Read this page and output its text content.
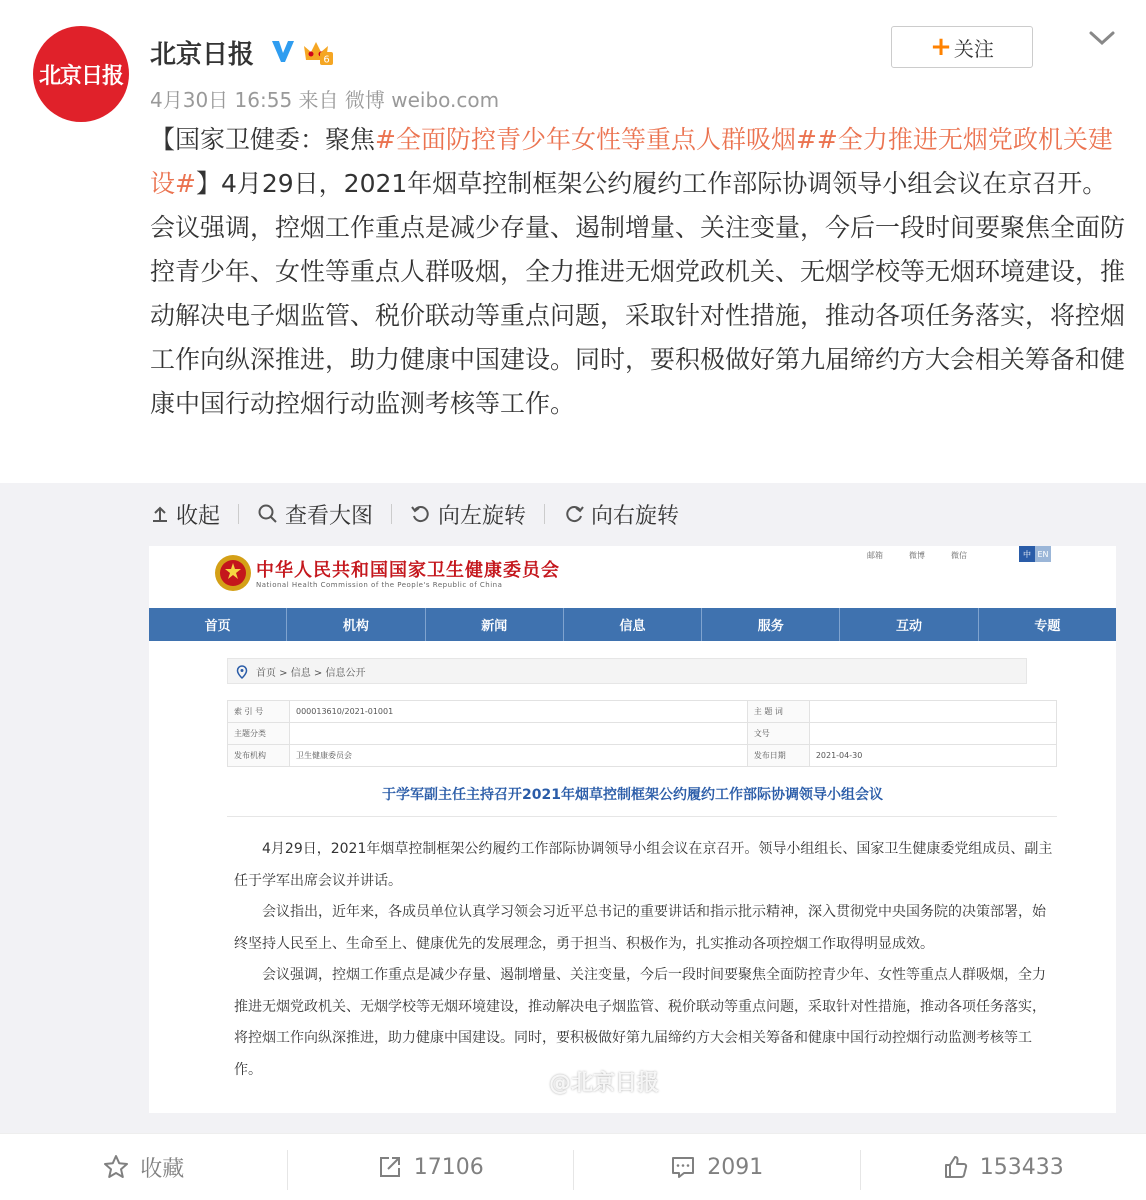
北京日报
北京日报	6
4月30日 16:55 来自 微博 weibo.com
+ 关注

【国家卫健委：聚焦#全面防控青少年女性等重点人群吸烟##全力推进无烟党政机关建设#】4月29日，2021年烟草控制框架公约履约工作部际协调领导小组会议在京召开。

会议强调，控烟工作重点是减少存量、遏制增量、关注变量，今后一段时间要聚焦全面防控青少年、女性等重点人群吸烟，全力推进无烟党政机关、无烟学校等无烟环境建设，推动解决电子烟监管、税价联动等重点问题，采取针对性措施，推动各项任务落实，将控烟工作向纵深推进，助力健康中国建设。同时，要积极做好第九届缔约方大会相关筹备和健康中国行动控烟行动监测考核等工作。

收起	查看大图	向左旋转	向右旋转
中华人民共和国国家卫生健康委员会
National Health Commission of the People's Republic of China
邮箱	微博	微信	中 EN
首页	机构	新闻	信息	服务	互动	专题
首页 > 信息 > 信息公开
索 引 号	000013610/2021-01001	主 题 词	
主题分类		文号	
发布机构	卫生健康委员会	发布日期	2021-04-30
于学军副主任主持召开2021年烟草控制框架公约履约工作部际协调领导小组会议

4月29日，2021年烟草控制框架公约履约工作部际协调领导小组会议在京召开。领导小组组长、国家卫生健康委党组成员、副主任于学军出席会议并讲话。

会议指出，近年来，各成员单位认真学习领会习近平总书记的重要讲话和指示批示精神，深入贯彻党中央国务院的决策部署，始终坚持人民至上、生命至上、健康优先的发展理念，勇于担当、积极作为，扎实推动各项控烟工作取得明显成效。

会议强调，控烟工作重点是减少存量、遏制增量、关注变量，今后一段时间要聚焦全面防控青少年、女性等重点人群吸烟，全力推进无烟党政机关、无烟学校等无烟环境建设，推动解决电子烟监管、税价联动等重点问题，采取针对性措施，推动各项任务落实，将控烟工作向纵深推进，助力健康中国建设。同时，要积极做好第九届缔约方大会相关筹备和健康中国行动控烟行动监测考核等工作。

@北京日报
收藏	17106	2091	153433
